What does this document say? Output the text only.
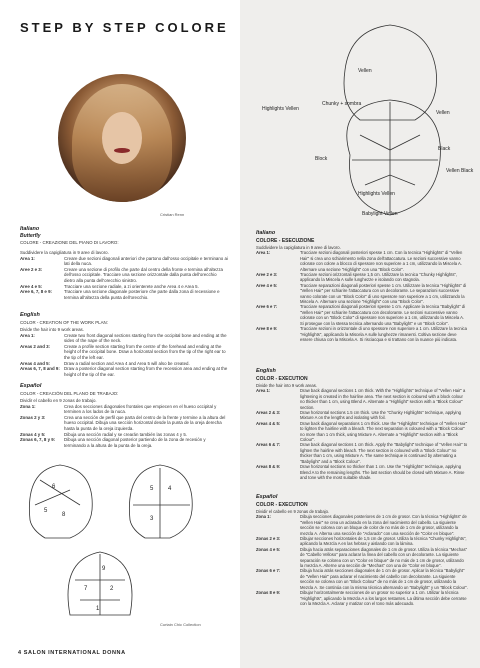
STEP BY STEP COLORE
Cristian Renn
Italiano
Butterfly
COLORE - CREAZIONE DEL PIANO DI LAVORO:
Suddividere la capigliatura in 9 aree di lavoro.
Area 1:	Creare due sezioni diagonali anteriori che partono dall'osso occipitale e terminano ai lati della nuca.
Aree 2 e 3:	Creare una sezione di profilo che parte dal centro della fronte e termina all'altezza dell'osso occipitale. Tracciare una sezione orizzontale dalla punta dell'orecchio dietro alla punta dell'orecchio sinistro.
Aree 4 e 5:	Tracciare una sezione radiale, a zi orienterete anche Area 4 e Area 5.
Aree 6, 7, 8 e 9:	Tracciare una sezione diagonale posteriore che parte dalla zona di recessione e termina all'altezza della punta dell'orecchio.
English
COLOR - CREATION OF THE WORK PLAN:
Divide the hair into 9 work areas.
Area 1:	Create two front diagonal sections starting from the occipital bone and ending at the sides of the nape of the neck.
Areas 2 and 3:	Create a profile section starting from the centre of the forehead and ending at the height of the occipital bone. Draw a horizontal section from the tip of the right ear to the tip of the left ear.
Areas 4 and 5:	Draw a radial section and Area 4 and Area 5 will also be created.
Areas 6, 7, 8 and 9: Draw a posterior diagonal section starting from the recession area and ending at the height of the tip of the ear.
Español
COLOR - CREACIÓN DEL PLANO DE TRABAJO:
Dividir el cabello en 9 zonas de trabajo.
Zona 1:	Crea dos secciones diagonales frontales que empiecen en el hueso occipital y terminen a los lados de la nuca.
Zonas 2 y 3:	Crea una sección de perfil que parta del centro de la frente y termine a la altura del hueso occipital. Dibuja una sección horizontal desde la punta de la oreja derecha hasta la punta de la oreja izquierda.
Zonas 4 y 5:	Dibuja una sección radial y se crearán también las zonas 4 y 5.
Zonas 6, 7, 8 y 9:	Dibuja una sección diagonal posterior partiendo de la zona de recesión y terminando a la altura de la punta de la oreja.
6
8
5
4
5
9
7	2
1
3
Curtain Chic Collection
4 SALON INTERNATIONAL DONNA
Vellen
Highlights Vellen
Chunky + sombra
Vellen
Black
Vellen Black
Block
Highlights Vellen
Babylight Vellen
Italiano
COLORE - ESECUZIONE
Suddividere la capigliatura in 9 aree di lavoro.
Area 1:	Tracciare sezioni diagonali posteriori spesse 1 cm. Con la tecnica "Highlights" di "Vellen Hair" si crea uno schiarimento nella zona dell'attaccatura. Le sezioni successive vanno colorate con colore a blocco di spessore non superiore a 1 cm, utilizzando la Miscela A. Alternare una sezione "Highlight" con una "Block Color".
Aree 2 e 3:	Tracciare sezioni orizzontali spesse 1,5 cm. Utilizzare la tecnica "Chunky Highlights", applicando la Miscela A sulle lunghezze e isolando con stagnola.
Aree 4 e 5:	Tracciare separazioni diagonali posteriori spesse 1 cm. Utilizzare la tecnica "Highlights" di "Vellen Hair" per schiarire l'attaccatura con un decolorante. Le separazioni successive vanno colorate con un "Block Color" di uno spessore non superiore a 1 cm, utilizzando la Miscela A. Alternare una sezione "Highlight" con una "Block Color".
Aree 6 e 7:	Tracciare separazioni diagonali posteriori spesse 1 cm. Applicare la tecnica "Babylight" di "Vellen Hair" per schiarire l'attaccatura con decolorante. Le sezioni successive vanno colorate con un "Block Color" di spessore non superiore a 1 cm, utilizzando la Miscela A. Si prosegue con la stessa tecnica alternando una "Babylight" e un "Block Color".
Aree 8 e 9:	Tracciare sezioni in orizzontale di uno spessore non superiore a 1 cm. Utilizzare la tecnica "Highlights", applicando la Miscela A sulle lunghezze rimanenti. Coltiva sezione deve essere chiusa con la Miscela A. Si risciacqua e si trattano con la nuance più indicata.
English
COLOR - EXECUTION
Divide the hair into 9 work areas.
Area 1:	Draw back diagonal sections 1 cm thick. With the "Highlights" technique of "Vellen Hair" a lightening is created in the hairline area. The next section is coloured with a block colour no thicker than 1 cm, using Blend A. Alternate a "Highlight" section with a "Block Colour" section.
Areas 2 & 3:	Draw horizontal sections 1.5 cm thick. Use the "Chunky Highlights" technique, applying Mixture A on the lengths and isolating with foil.
Areas 4 & 5:	Draw back diagonal separations 1 cm thick. Use the "Highlights" technique of "Vellen Hair" to lighten the hairline with a bleach. The next separation is coloured with a "Block Colour" no more than 1 cm thick, using Mixture A. Alternate a "Highlight" section with a "Block Colour".
Areas 6 & 7:	Draw back diagonal sections 1 cm thick. Apply the "Babylight" technique of "Vellen Hair" to lighten the hairline with bleach. The next section is coloured with a "Block Colour" no thicker than 1 cm, using Mixture A. The same technique is continued by alternating a "Babylight" and a "Block Colour".
Areas 8 & 9:	Draw horizontal sections no thicker than 1 cm. Use the "Highlights" technique, applying Blend A to the remaining lengths. The last section should be closed with Mixture A. Rinse and tone with the most suitable shade.
Español
COLOR - EXECUTION
Dividir el cabello en 9 zonas de trabajo.
Zona 1:	Dibuja secciones diagonales posteriores de 1 cm de grosor. Con la técnica "Highlights" de "Vellen Hair" se crea un aclarado en la zona del nacimiento del cabello. La siguiente sección se colorea con un bloque de color de no más de 1 cm de grosor, utilizando la mezcla A. Alterna una sección de "Aclarado" con una sección de "Color en bloque".
Zonas 2 e 3:	Dibujar secciones horizontales de 1,5 cm de grosor. Utiliza la técnica "Chunky Highlights", aplicando la Mezcla A en las hebras y aislando con la lámina.
Zonas 4 e 5:	Dibuja hacia atrás separaciones diagonales de 1 cm de grosor. Utiliza la técnica "Mechas" de "Cabello Velloso" para aclarar la línea del cabello con un decolorante. La siguiente separación se colorea con un "Color en bloque" de no más de 1 cm de grosor, utilizando la mezcla A. Alterne una sección de "Mechas" con una de "Color en bloque".
Zonas 6 e 7:	Dibuja hacia atrás secciones diagonales de 1 cm de grosor. Aplicar la técnica "Babylight" de "Vellen Hair" para aclarar el nacimiento del cabello con decolorante. La siguiente sección se colorea con un "Block Colour" de no más de 1 cm de grosor, utilizando la Mezcla A. Se continúa con la misma técnica alternando un "Babylight" y un "Block Colour".
Zonas 8 e 9:	Dibujar horizontalmente secciones de un grosor no superior a 1 cm. Utilizar la técnica "Highlights", aplicando la Mezcla A a los largos restantes. La última sección debe cerrarse con la Mezcla A. Aclarar y matizar con el tono más adecuado.
